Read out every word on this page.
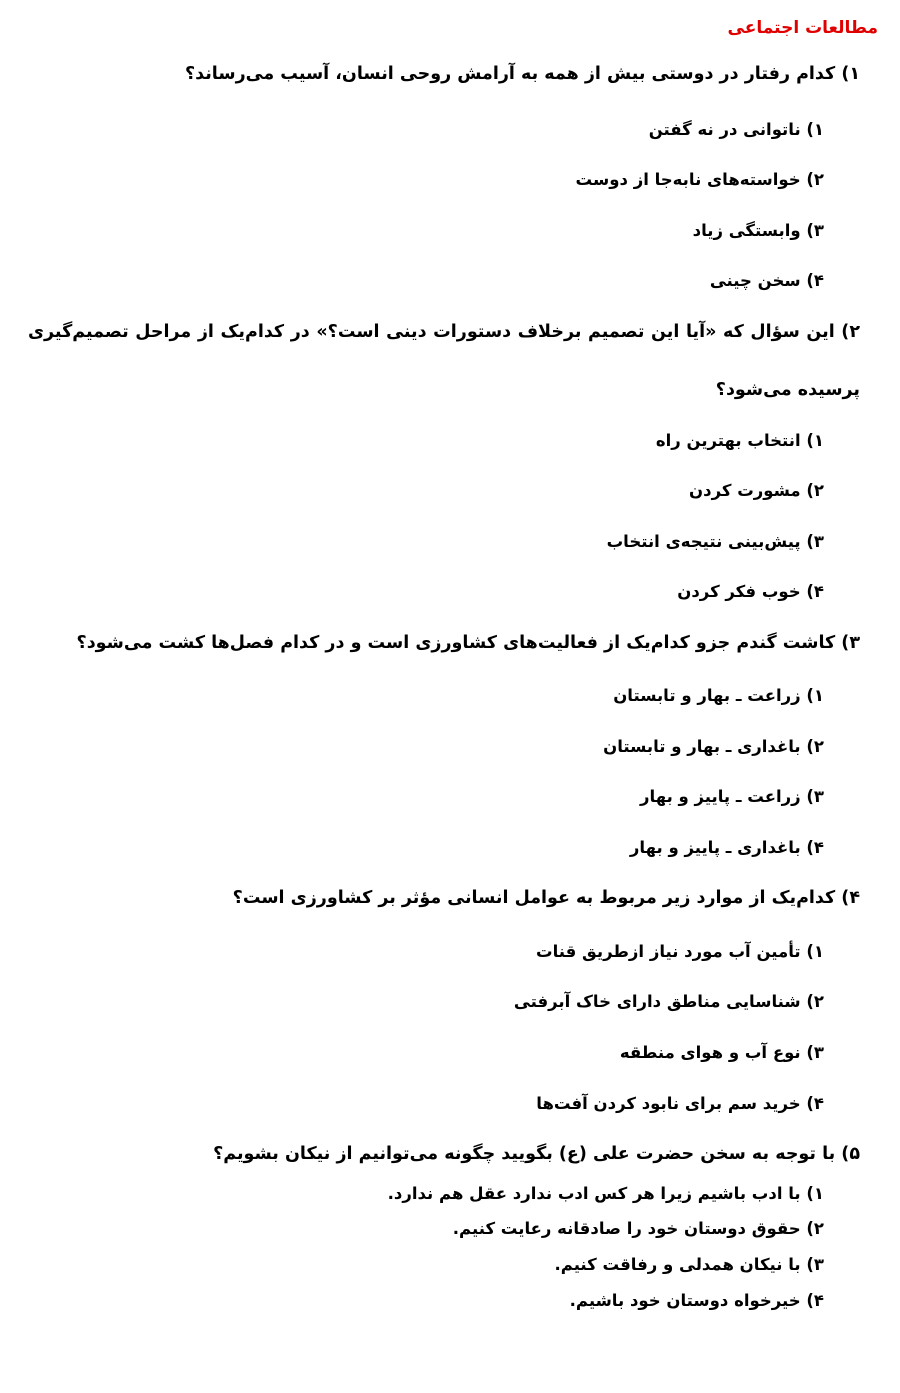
مطالعات اجتماعی
۱) کدام رفتار در دوستی بیش از همه به آرامش روحی انسان، آسیب می‌رساند؟
۱) ناتوانی در نه گفتن
۲) خواسته‌های نابه‌جا از دوست
۳) وابستگی زیاد
۴) سخن چینی
۲) این سؤال که «آیا این تصمیم برخلاف دستورات دینی است؟» در کدام‌یک از مراحل تصمیم‌گیری پرسیده می‌شود؟
۱) انتخاب بهترین راه
۲) مشورت کردن
۳) پیش‌بینی نتیجه‌ی انتخاب
۴) خوب فکر کردن
۳) کاشت گندم جزو کدام‌یک از فعالیت‌های کشاورزی است و در کدام فصل‌ها کشت می‌شود؟
۱) زراعت ـ بهار و تابستان
۲) باغداری ـ بهار و تابستان
۳) زراعت ـ پاییز و بهار
۴) باغداری ـ پاییز و بهار
۴) کدام‌یک از موارد زیر مربوط به عوامل انسانی مؤثر بر کشاورزی است؟
۱) تأمین آب مورد نیاز ازطریق قنات
۲) شناسایی مناطق دارای خاک آبرفتی
۳) نوع آب و هوای منطقه
۴) خرید سم برای نابود کردن آفت‌ها
۵) با توجه به سخن حضرت علی (ع) بگویید چگونه می‌توانیم از نیکان بشویم؟
۱) با ادب باشیم زیرا هر کس ادب ندارد عقل هم ندارد.
۲) حقوق دوستان خود را صادقانه رعایت کنیم.
۳) با نیکان همدلی و رفاقت کنیم.
۴) خیرخواه دوستان خود باشیم.
